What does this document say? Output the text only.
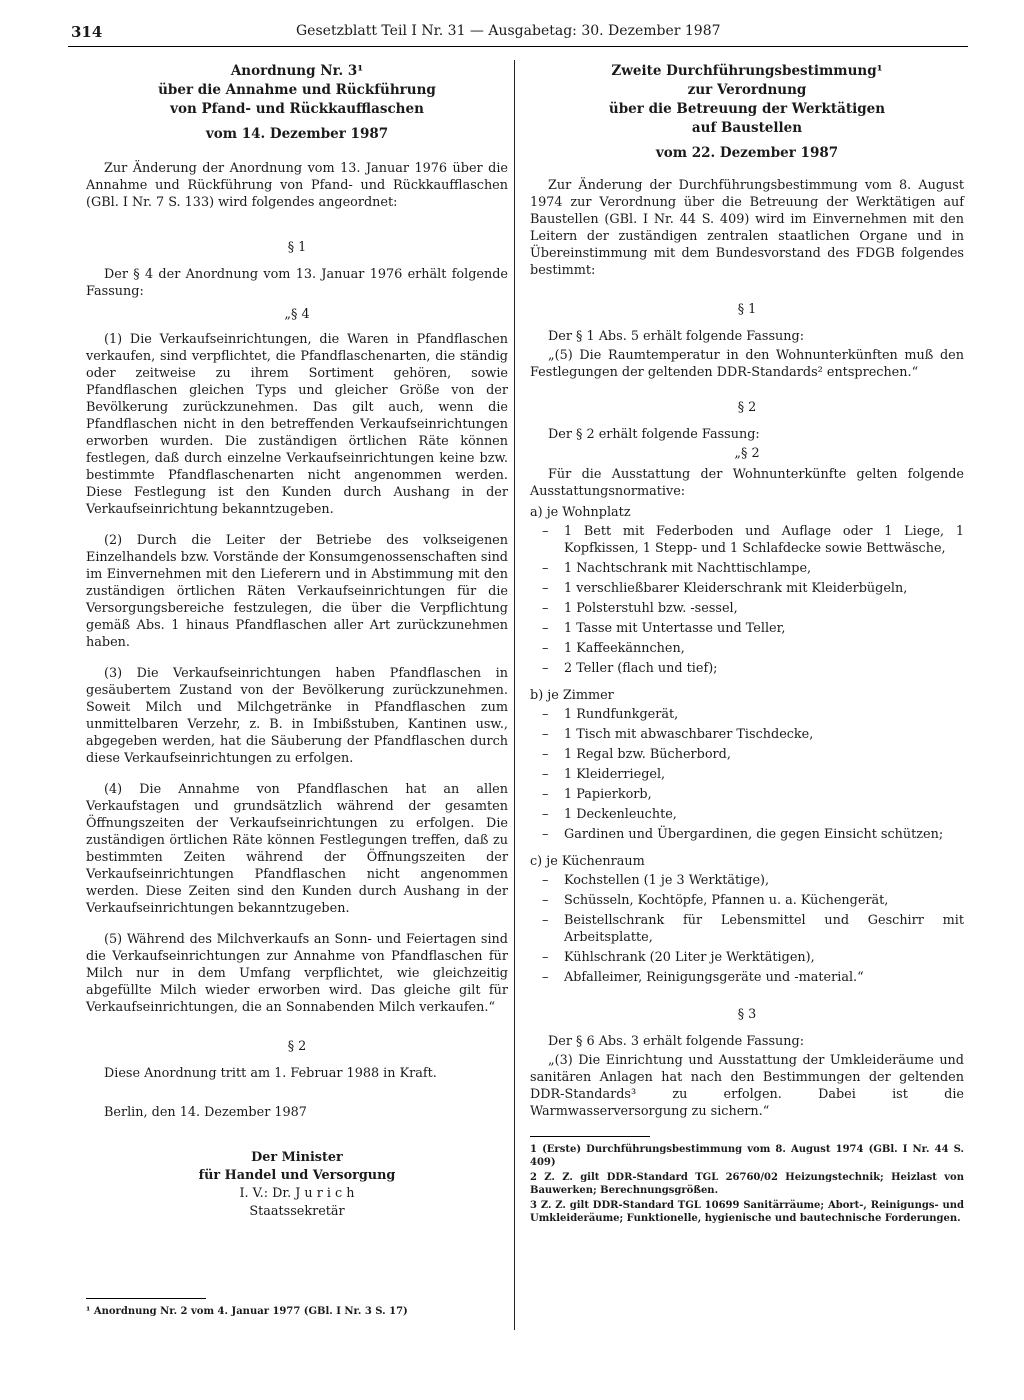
314	Gesetzblatt Teil I Nr. 31 — Ausgabetag: 30. Dezember 1987
Anordnung Nr. 3¹
über die Annahme und Rückführung
von Pfand- und Rückkaufflaschen
vom 14. Dezember 1987

Zur Änderung der Anordnung vom 13. Januar 1976 über die Annahme und Rückführung von Pfand- und Rückkaufflaschen (GBl. I Nr. 7 S. 133) wird folgendes angeordnet:

§ 1

Der § 4 der Anordnung vom 13. Januar 1976 erhält folgende Fassung:

„§ 4

(1) Die Verkaufseinrichtungen, die Waren in Pfandflaschen verkaufen, sind verpflichtet, die Pfandflaschenarten, die ständig oder zeitweise zu ihrem Sortiment gehören, sowie Pfandflaschen gleichen Typs und gleicher Größe von der Bevölkerung zurückzunehmen. Das gilt auch, wenn die Pfandflaschen nicht in den betreffenden Verkaufseinrichtungen erworben wurden. Die zuständigen örtlichen Räte können festlegen, daß durch einzelne Verkaufseinrichtungen keine bzw. bestimmte Pfandflaschenarten nicht angenommen werden. Diese Festlegung ist den Kunden durch Aushang in der Verkaufseinrichtung bekanntzugeben.

(2) Durch die Leiter der Betriebe des volkseigenen Einzelhandels bzw. Vorstände der Konsumgenossenschaften sind im Einvernehmen mit den Lieferern und in Abstimmung mit den zuständigen örtlichen Räten Verkaufseinrichtungen für die Versorgungsbereiche festzulegen, die über die Verpflichtung gemäß Abs. 1 hinaus Pfandflaschen aller Art zurückzunehmen haben.

(3) Die Verkaufseinrichtungen haben Pfandflaschen in gesäubertem Zustand von der Bevölkerung zurückzunehmen. Soweit Milch und Milchgetränke in Pfandflaschen zum unmittelbaren Verzehr, z. B. in Imbißstuben, Kantinen usw., abgegeben werden, hat die Säuberung der Pfandflaschen durch diese Verkaufseinrichtungen zu erfolgen.

(4) Die Annahme von Pfandflaschen hat an allen Verkaufstagen und grundsätzlich während der gesamten Öffnungszeiten der Verkaufseinrichtungen zu erfolgen. Die zuständigen örtlichen Räte können Festlegungen treffen, daß zu bestimmten Zeiten während der Öffnungszeiten der Verkaufseinrichtungen Pfandflaschen nicht angenommen werden. Diese Zeiten sind den Kunden durch Aushang in der Verkaufseinrichtungen bekanntzugeben.

(5) Während des Milchverkaufs an Sonn- und Feiertagen sind die Verkaufseinrichtungen zur Annahme von Pfandflaschen für Milch nur in dem Umfang verpflichtet, wie gleichzeitig abgefüllte Milch wieder erworben wird. Das gleiche gilt für Verkaufseinrichtungen, die an Sonnabenden Milch verkaufen.“

§ 2

Diese Anordnung tritt am 1. Februar 1988 in Kraft.

Berlin, den 14. Dezember 1987

Der Minister
für Handel und Versorgung
I. V.: Dr. J u r i c h
Staatssekretär
¹ Anordnung Nr. 2 vom 4. Januar 1977 (GBl. I Nr. 3 S. 17)
Zweite Durchführungsbestimmung¹
zur Verordnung
über die Betreuung der Werktätigen
auf Baustellen
vom 22. Dezember 1987

Zur Änderung der Durchführungsbestimmung vom 8. August 1974 zur Verordnung über die Betreuung der Werktätigen auf Baustellen (GBl. I Nr. 44 S. 409) wird im Einvernehmen mit den Leitern der zuständigen zentralen staatlichen Organe und in Übereinstimmung mit dem Bundesvorstand des FDGB folgendes bestimmt:

§ 1

Der § 1 Abs. 5 erhält folgende Fassung:

„(5) Die Raumtemperatur in den Wohnunterkünften muß den Festlegungen der geltenden DDR-Standards² entsprechen.“

§ 2

Der § 2 erhält folgende Fassung:

„§ 2

Für die Ausstattung der Wohnunterkünfte gelten folgende Ausstattungsnormative:

a) je Wohnplatz
– 1 Bett mit Federboden und Auflage oder 1 Liege, 1 Kopfkissen, 1 Stepp- und 1 Schlafdecke sowie Bettwäsche,
– 1 Nachtschrank mit Nachttischlampe,
– 1 verschließbarer Kleiderschrank mit Kleiderbügeln,
– 1 Polsterstuhl bzw. -sessel,
– 1 Tasse mit Untertasse und Teller,
– 1 Kaffeekännchen,
– 2 Teller (flach und tief);
b) je Zimmer
– 1 Rundfunkgerät,
– 1 Tisch mit abwaschbarer Tischdecke,
– 1 Regal bzw. Bücherbord,
– 1 Kleiderriegel,
– 1 Papierkorb,
– 1 Deckenleuchte,
– Gardinen und Übergardinen, die gegen Einsicht schützen;
c) je Küchenraum
– Kochstellen (1 je 3 Werktätige),
– Schüsseln, Kochtöpfe, Pfannen u. a. Küchengerät,
– Beistellschrank für Lebensmittel und Geschirr mit Arbeitsplatte,
– Kühlschrank (20 Liter je Werktätigen),
– Abfalleimer, Reinigungsgeräte und -material.“
§ 3

Der § 6 Abs. 3 erhält folgende Fassung:

„(3) Die Einrichtung und Ausstattung der Umkleideräume und sanitären Anlagen hat nach den Bestimmungen der geltenden DDR-Standards³ zu erfolgen. Dabei ist die Warmwasserversorgung zu sichern.“

1 (Erste) Durchführungsbestimmung vom 8. August 1974 (GBl. I Nr. 44 S. 409)
2 Z. Z. gilt DDR-Standard TGL 26760/02 Heizungstechnik; Heizlast von Bauwerken; Berechnungsgrößen.
3 Z. Z. gilt DDR-Standard TGL 10699 Sanitärräume; Abort-, Reinigungs- und Umkleideräume; Funktionelle, hygienische und bautechnische Forderungen.
